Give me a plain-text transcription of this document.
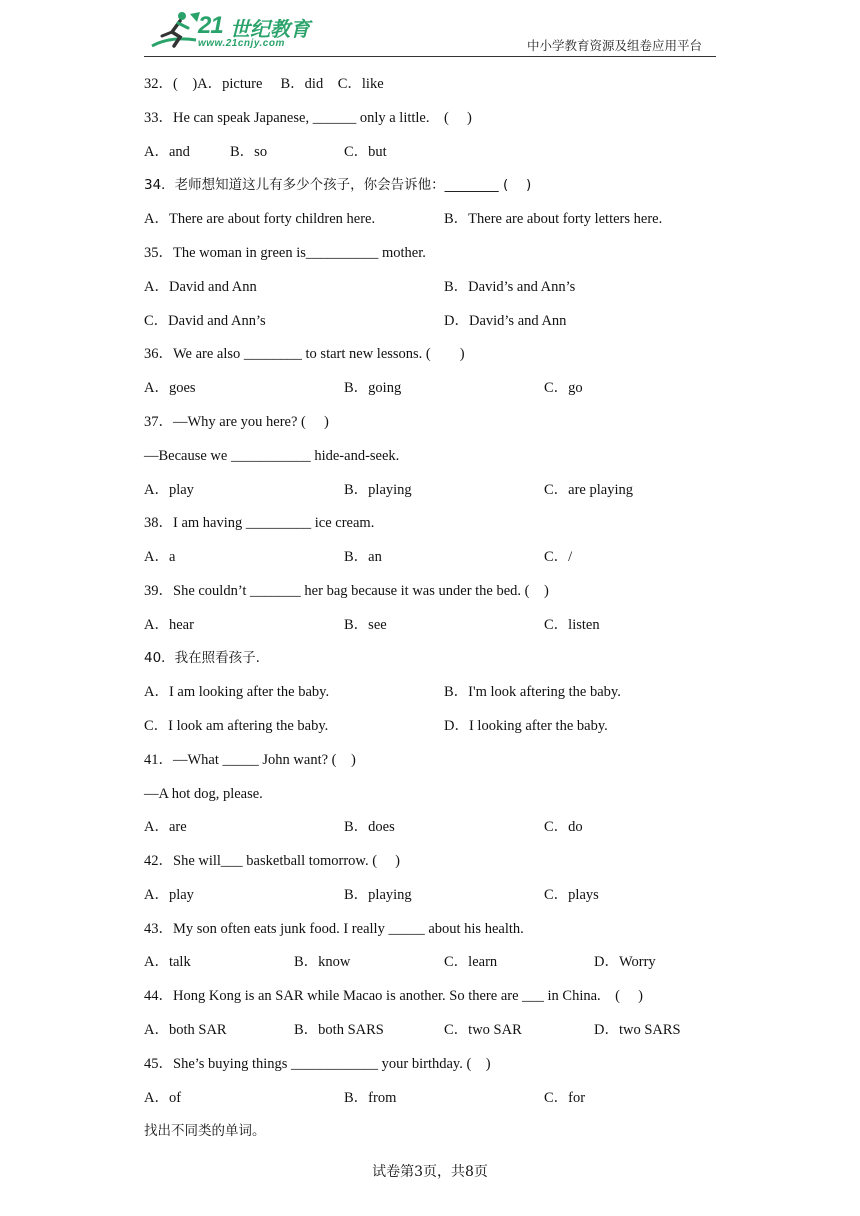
21 世纪教育
www.21cnjy.com	中小学教育资源及组卷应用平台
32．(　)A．picture　 B．did　C．like
33．He can speak Japanese, ______ only a little.　(　 )
A．and	B．so	C．but
34．老师想知道这儿有多少个孩子，你会告诉他：________ (　 )
A．There are about forty children here.	B．There are about forty letters here.
35．The woman in green is__________ mother.
A．David and Ann	B．David’s and Ann’s
C．David and Ann’s	D．David’s and Ann
36．We are also ________ to start new lessons. (　　)
A．goes	B．going	C．go
37．—Why are you here? (　 )
—Because we ___________ hide-and-seek.
A．play	B．playing	C．are playing
38．I am having _________ ice cream.
A．a	B．an	C．/
39．She couldn’t _______ her bag because it was under the bed. (　)
A．hear	B．see	C．listen
40．我在照看孩子.
A．I am looking after the baby.	B．I'm look aftering the baby.
C．I look am aftering the baby.	D．I looking after the baby.
41．—What _____ John want? (　)
—A hot dog, please.
A．are	B．does	C．do
42．She will___ basketball tomorrow. (　 )
A．play	B．playing	C．plays
43．My son often eats junk food. I really _____ about his health.
A．talk	B．know	C．learn	D．Worry
44．Hong Kong is an SAR while Macao is another. So there are ___ in China.　(　 )
A．both SAR	B．both SARS	C．two SAR	D．two SARS
45．She’s buying things ____________ your birthday. (　)
A．of	B．from	C．for
找出不同类的单词。
试卷第3页，共8页
